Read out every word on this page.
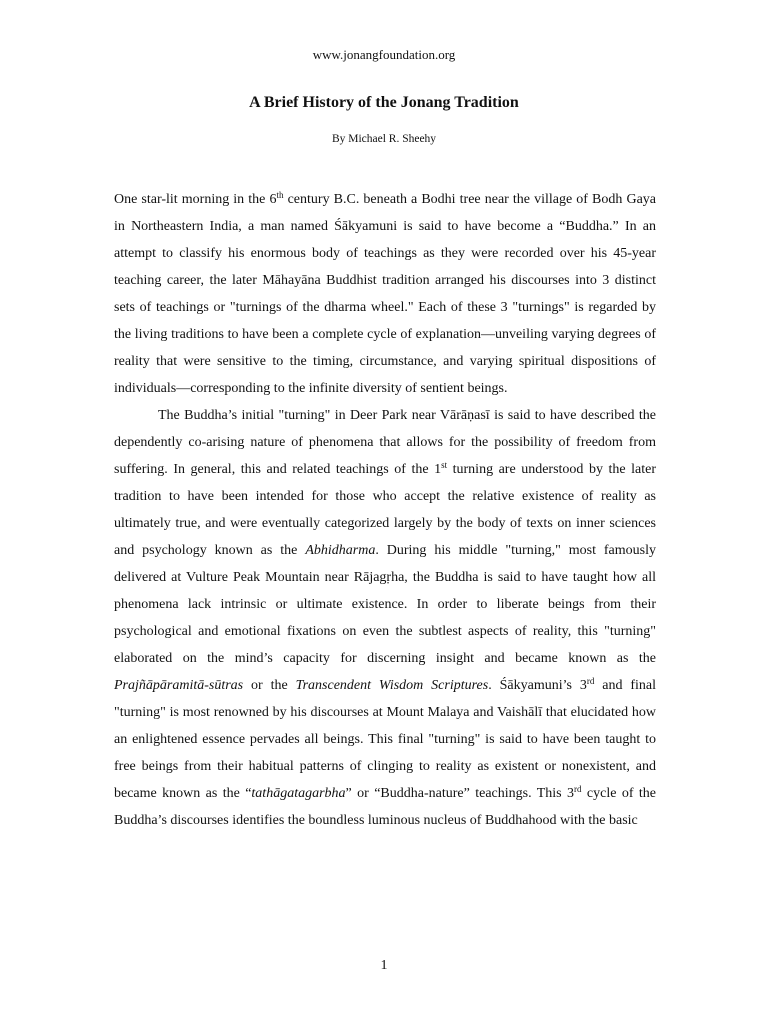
www.jonangfoundation.org
A Brief History of the Jonang Tradition
By Michael R. Sheehy

One star-lit morning in the 6th century B.C. beneath a Bodhi tree near the village of Bodh Gaya in Northeastern India, a man named Śākyamuni is said to have become a “Buddha.” In an attempt to classify his enormous body of teachings as they were recorded over his 45-year teaching career, the later Māhayāna Buddhist tradition arranged his discourses into 3 distinct sets of teachings or "turnings of the dharma wheel." Each of these 3 "turnings" is regarded by the living traditions to have been a complete cycle of explanation—unveiling varying degrees of reality that were sensitive to the timing, circumstance, and varying spiritual dispositions of individuals—corresponding to the infinite diversity of sentient beings.

The Buddha’s initial "turning" in Deer Park near Vārāṇasī is said to have described the dependently co-arising nature of phenomena that allows for the possibility of freedom from suffering. In general, this and related teachings of the 1st turning are understood by the later tradition to have been intended for those who accept the relative existence of reality as ultimately true, and were eventually categorized largely by the body of texts on inner sciences and psychology known as the Abhidharma. During his middle "turning," most famously delivered at Vulture Peak Mountain near Rājagṛha, the Buddha is said to have taught how all phenomena lack intrinsic or ultimate existence. In order to liberate beings from their psychological and emotional fixations on even the subtlest aspects of reality, this "turning" elaborated on the mind’s capacity for discerning insight and became known as the Prajñāpāramitā-sūtras or the Transcendent Wisdom Scriptures. Śākyamuni’s 3rd and final "turning" is most renowned by his discourses at Mount Malaya and Vaishālī that elucidated how an enlightened essence pervades all beings. This final "turning" is said to have been taught to free beings from their habitual patterns of clinging to reality as existent or nonexistent, and became known as the “tathāgatagarbha” or “Buddha-nature” teachings. This 3rd cycle of the Buddha’s discourses identifies the boundless luminous nucleus of Buddhahood with the basic

1
